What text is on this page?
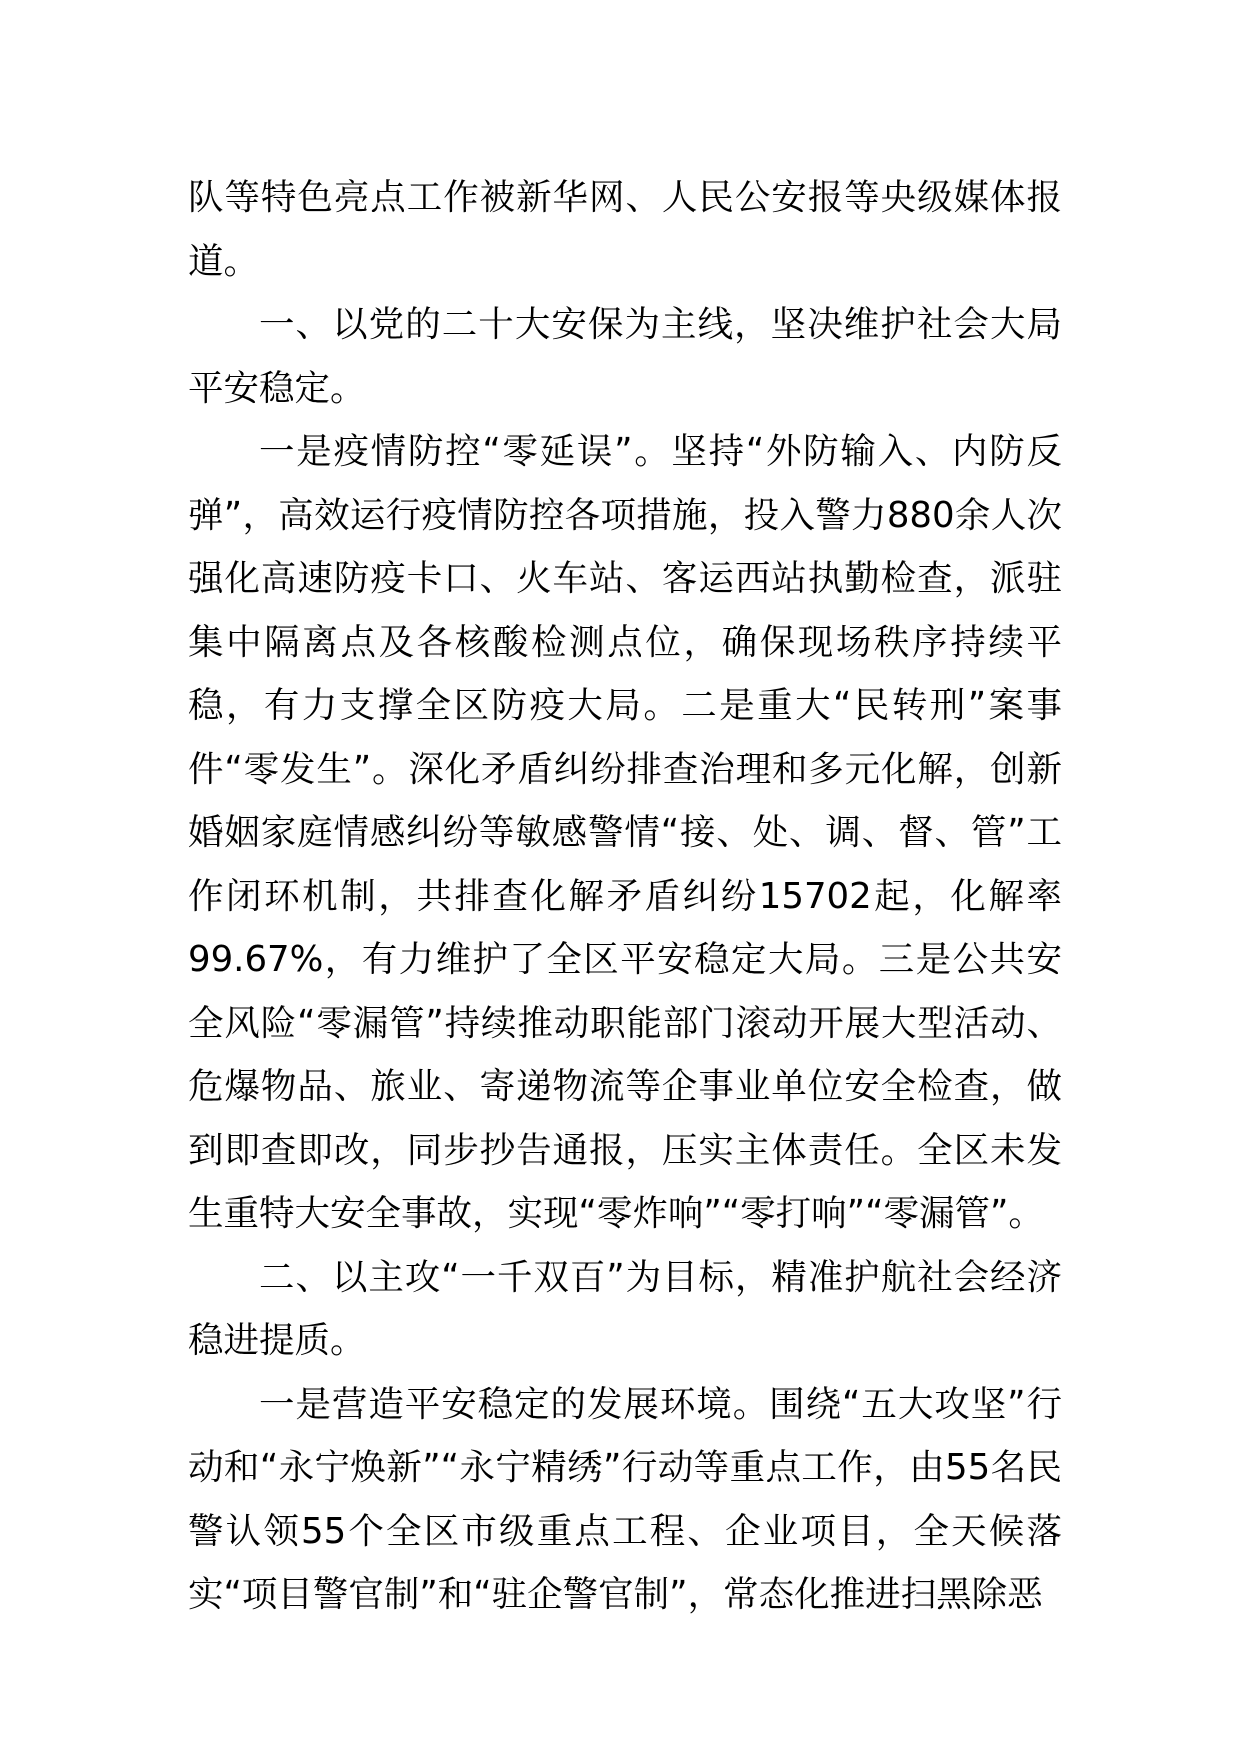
队等特色亮点工作被新华网、人民公安报等央级媒体报道。

一、以党的二十大安保为主线，坚决维护社会大局平安稳定。

一是疫情防控“零延误”。坚持“外防输入、内防反弹”，高效运行疫情防控各项措施，投入警力880余人次强化高速防疫卡口、火车站、客运西站执勤检查，派驻集中隔离点及各核酸检测点位，确保现场秩序持续平稳，有力支撑全区防疫大局。二是重大“民转刑”案事件“零发生”。深化矛盾纠纷排查治理和多元化解，创新婚姻家庭情感纠纷等敏感警情“接、处、调、督、管”工作闭环机制，共排查化解矛盾纠纷15702起，化解率99.67%，有力维护了全区平安稳定大局。三是公共安全风险“零漏管”持续推动职能部门滚动开展大型活动、危爆物品、旅业、寄递物流等企事业单位安全检查，做到即查即改，同步抄告通报，压实主体责任。全区未发生重特大安全事故，实现“零炸响”“零打响”“零漏管”。

二、以主攻“一千双百”为目标，精准护航社会经济稳进提质。

一是营造平安稳定的发展环境。围绕“五大攻坚”行动和“永宁焕新”“永宁精绣”行动等重点工作，由55名民警认领55个全区市级重点工程、企业项目，全天候落实“项目警官制”和“驻企警官制”，常态化推进扫黑除恶
